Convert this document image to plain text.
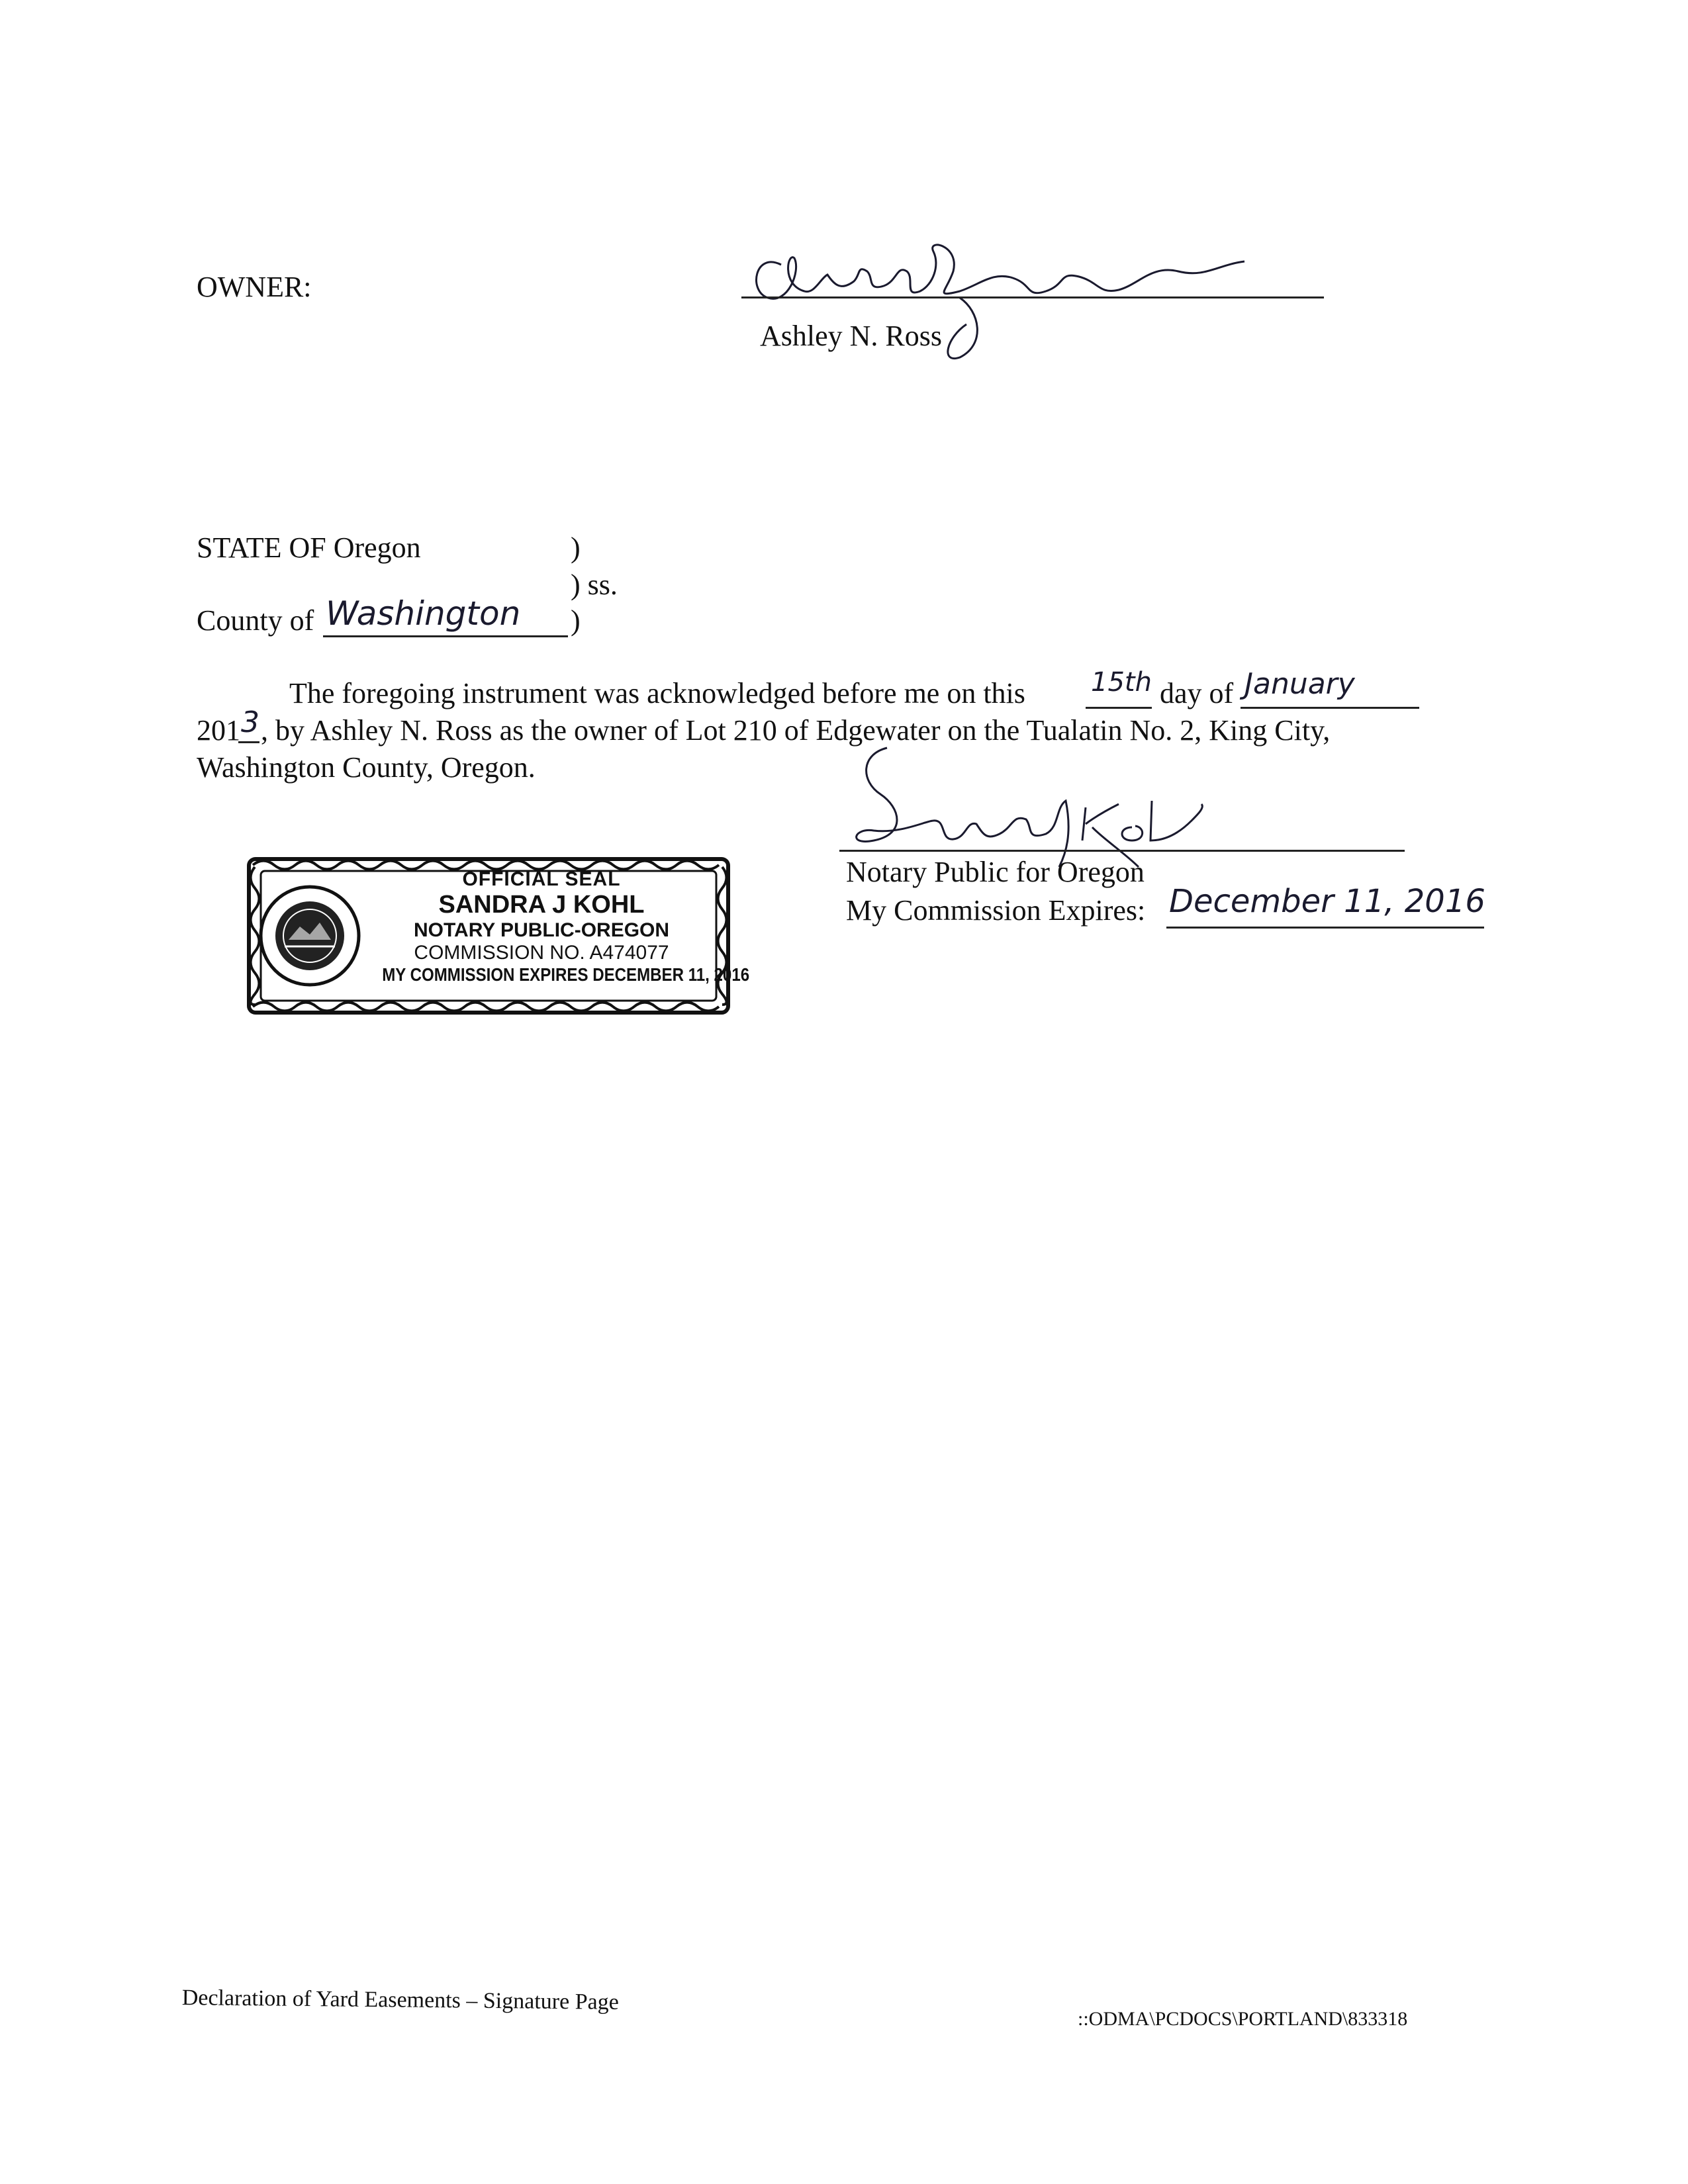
OWNER:
Ashley N. Ross
STATE OF Oregon	)
) ss.
County of Washington )
The foregoing instrument was acknowledged before me on this 15th day of January
201 3 , by Ashley N. Ross as the owner of Lot 210 of Edgewater on the Tualatin No. 2, King City,
Washington County, Oregon.
Notary Public for Oregon
My Commission Expires: December 11, 2016
OFFICIAL SEAL
SANDRA J KOHL
NOTARY PUBLIC-OREGON
COMMISSION NO. A474077
MY COMMISSION EXPIRES DECEMBER 11, 2016
Declaration of Yard Easements – Signature Page
::ODMA\PCDOCS\PORTLAND\833318
